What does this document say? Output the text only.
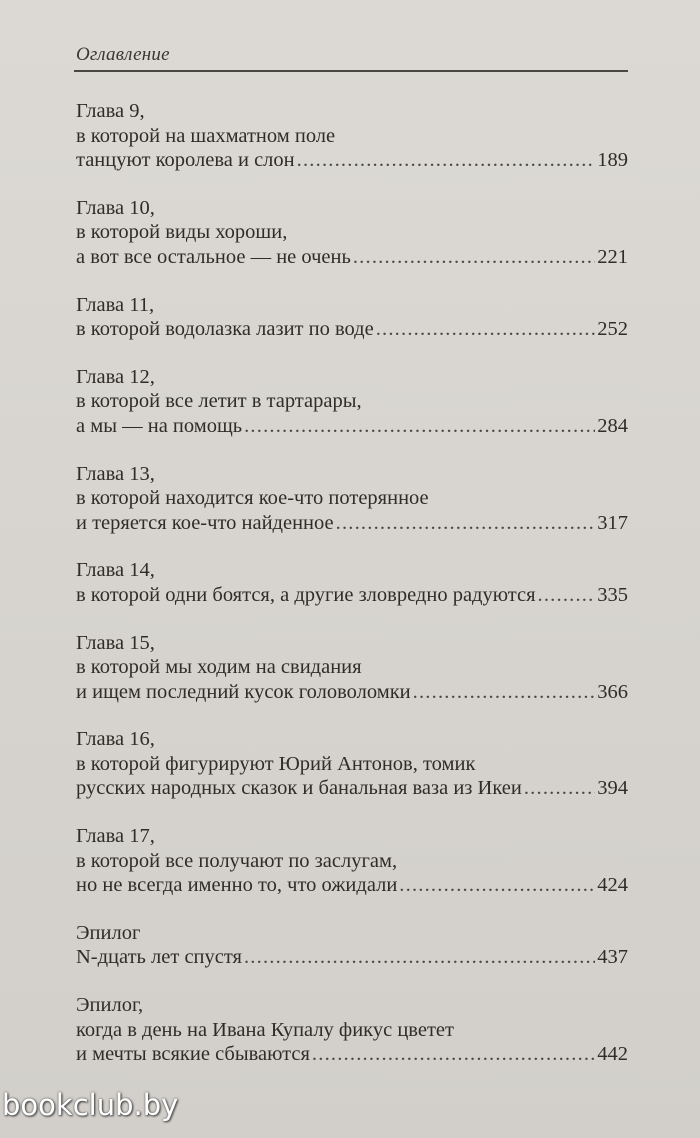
Оглавление
Глава 9,
в которой на шахматном поле
танцуют королева и слон .....	189
Глава 10,
в которой виды хороши,
а вот все остальное — не очень .....	221
Глава 11,
в которой водолазка лазит по воде .....	252
Глава 12,
в которой все летит в тартарары,
а мы — на помощь .....	284
Глава 13,
в которой находится кое-что потерянное
и теряется кое-что найденное .....	317
Глава 14,
в которой одни боятся, а другие зловредно радуются .....	335
Глава 15,
в которой мы ходим на свидания
и ищем последний кусок головоломки .....	366
Глава 16,
в которой фигурируют Юрий Антонов, томик
русских народных сказок и банальная ваза из Икеи .....	394
Глава 17,
в которой все получают по заслугам,
но не всегда именно то, что ожидали .....	424
Эпилог
N-дцать лет спустя .....	437
Эпилог,
когда в день на Ивана Купалу фикус цветет
и мечты всякие сбываются .....	442
bookclub.by
